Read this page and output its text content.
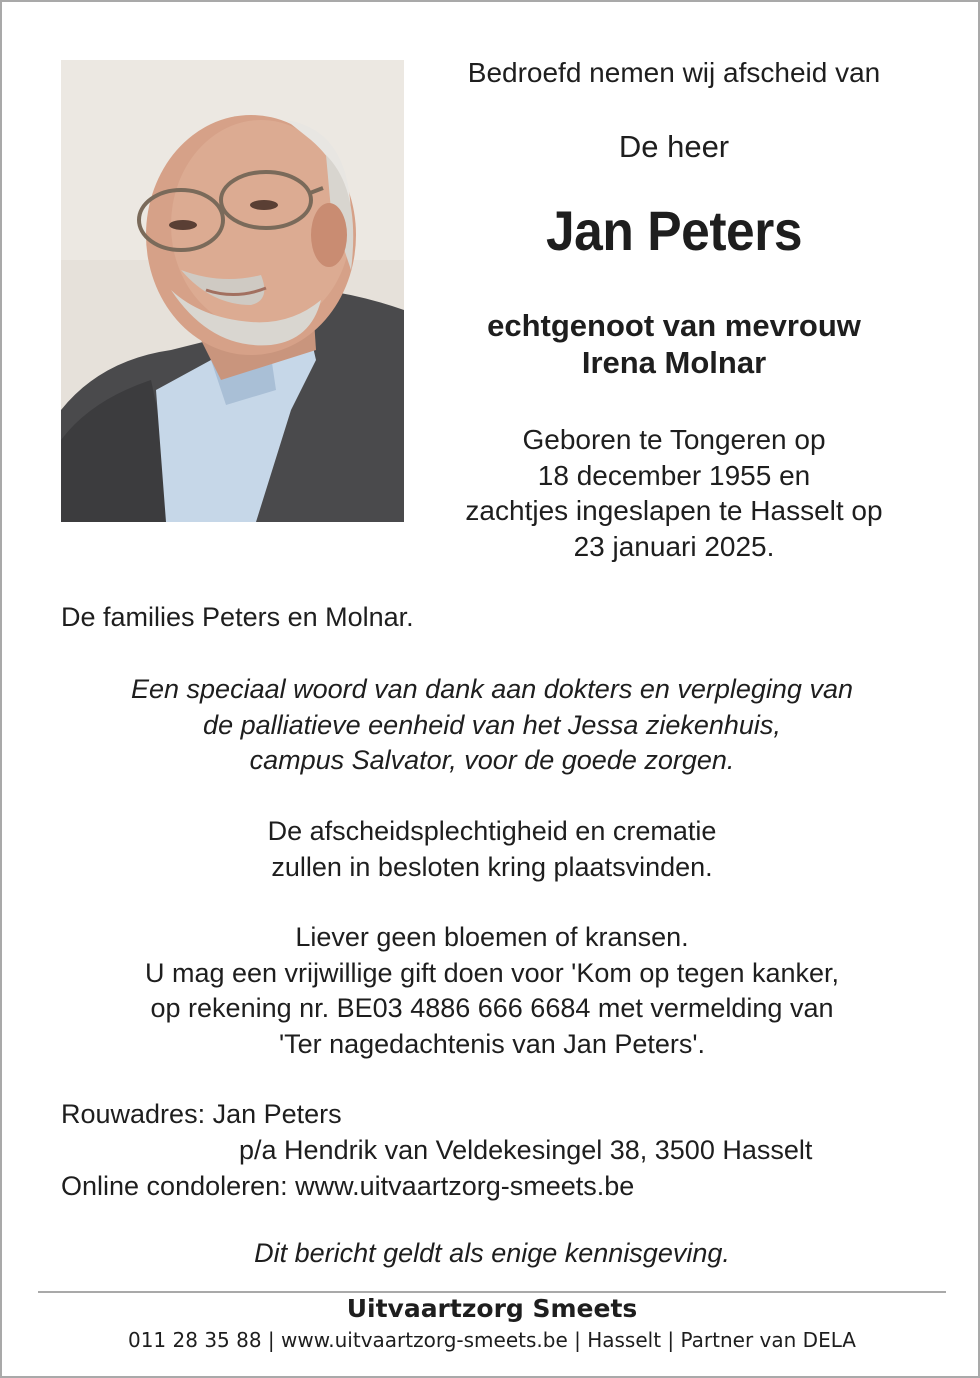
Bedroefd nemen wij afscheid van
De heer
Jan Peters
echtgenoot van mevrouw
Irena Molnar
Geboren te Tongeren op
18 december 1955 en
zachtjes ingeslapen te Hasselt op
23 januari 2025.
De families Peters en Molnar.
Een speciaal woord van dank aan dokters en verpleging van
de palliatieve eenheid van het Jessa ziekenhuis,
campus Salvator, voor de goede zorgen.
De afscheidsplechtigheid en crematie
zullen in besloten kring plaatsvinden.
Liever geen bloemen of kransen.
U mag een vrijwillige gift doen voor 'Kom op tegen kanker,
op rekening nr. BE03 4886 666 6684 met vermelding van
'Ter nagedachtenis van Jan Peters'.
Rouwadres: Jan Peters
p/a Hendrik van Veldekesingel 38, 3500 Hasselt
Online condoleren: www.uitvaartzorg-smeets.be
Dit bericht geldt als enige kennisgeving.
Uitvaartzorg Smeets
011 28 35 88 | www.uitvaartzorg-smeets.be | Hasselt | Partner van DELA
